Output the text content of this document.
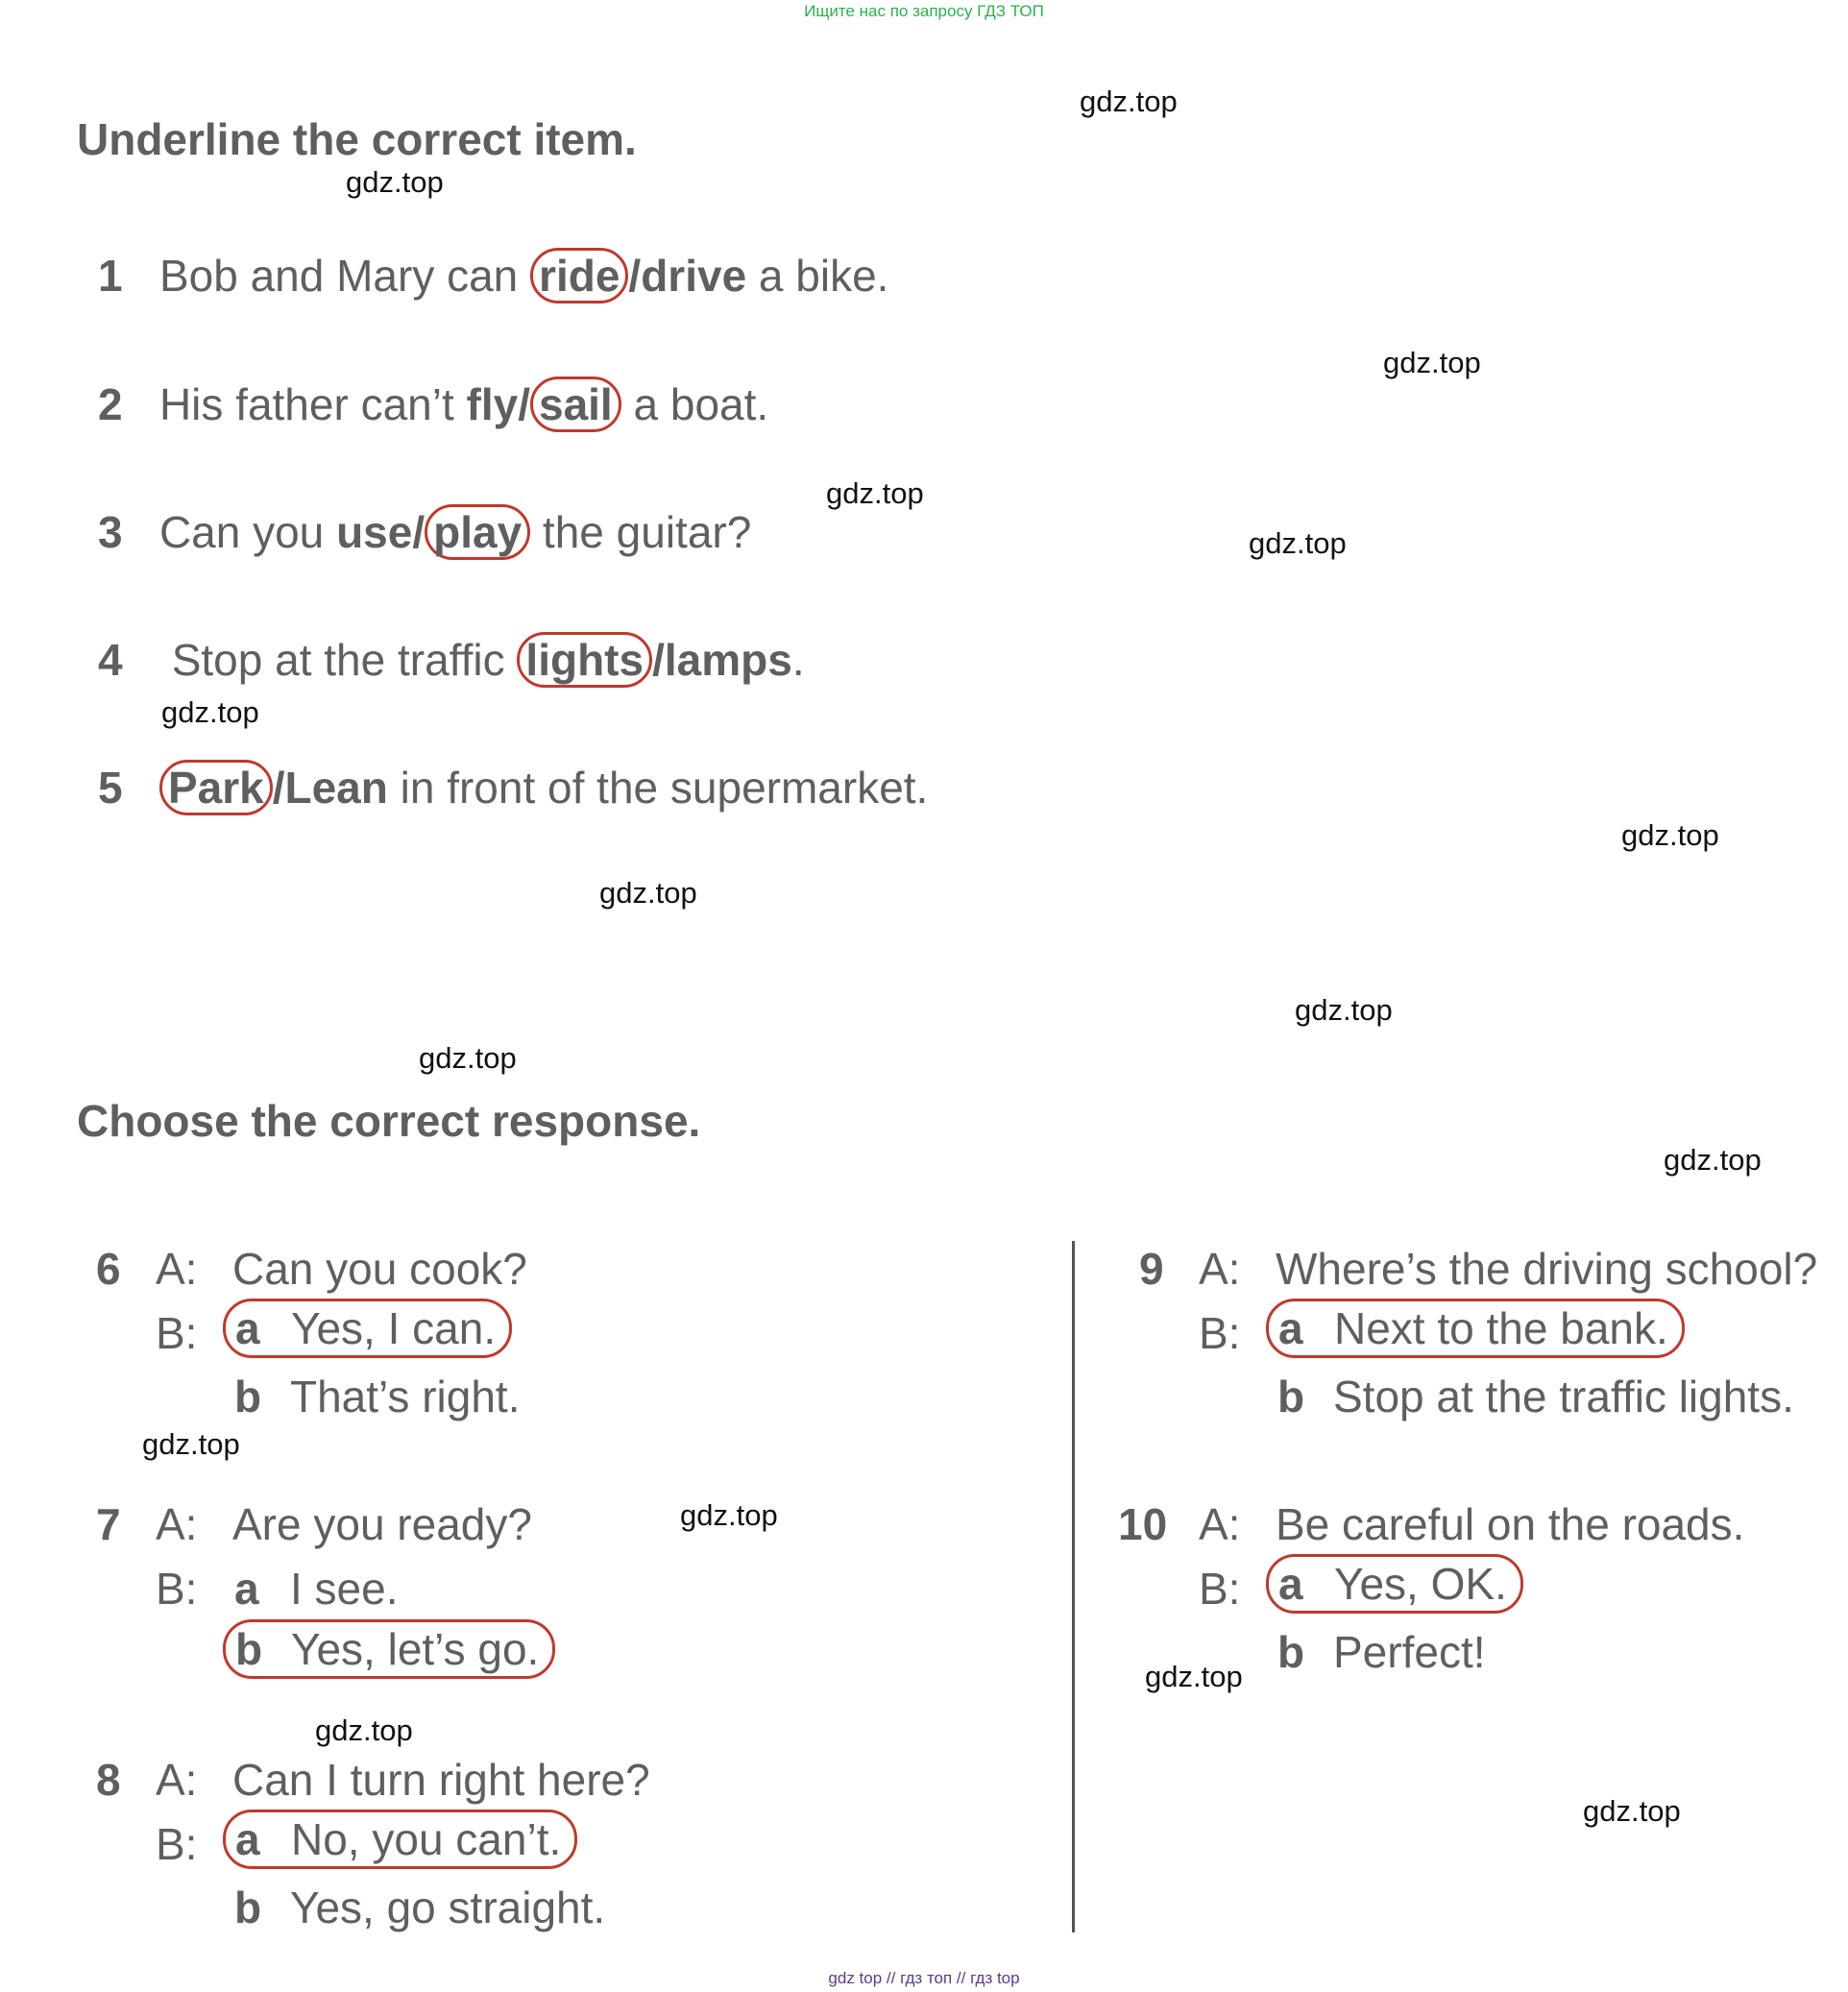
Ищите нас по запросу ГДЗ ТОП
Underline the correct item.
1 Bob and Mary can ride /drive a bike.
2 His father can’t fly/ sail a boat.
3 Can you use/ play the guitar?
4 Stop at the traffic lights /lamps.
5 Park /Lean in front of the supermarket.
Choose the correct response.
6 A: Can you cook?
B: a Yes, I can.
b That’s right.
7 A: Are you ready?
B: a I see.
b Yes, let’s go.
8 A: Can I turn right here?
B: a No, you can’t.
b Yes, go straight.
9 A: Where’s the driving school?
B: a Next to the bank.
b Stop at the traffic lights.
10 A: Be careful on the roads.
B: a Yes, OK.
b Perfect!
gdz.top
gdz.top
gdz.top
gdz.top
gdz.top
gdz.top
gdz.top
gdz.top
gdz.top
gdz.top
gdz.top
gdz.top
gdz.top
gdz.top
gdz.top
gdz.top
gdz top // гдз топ // гдз top
